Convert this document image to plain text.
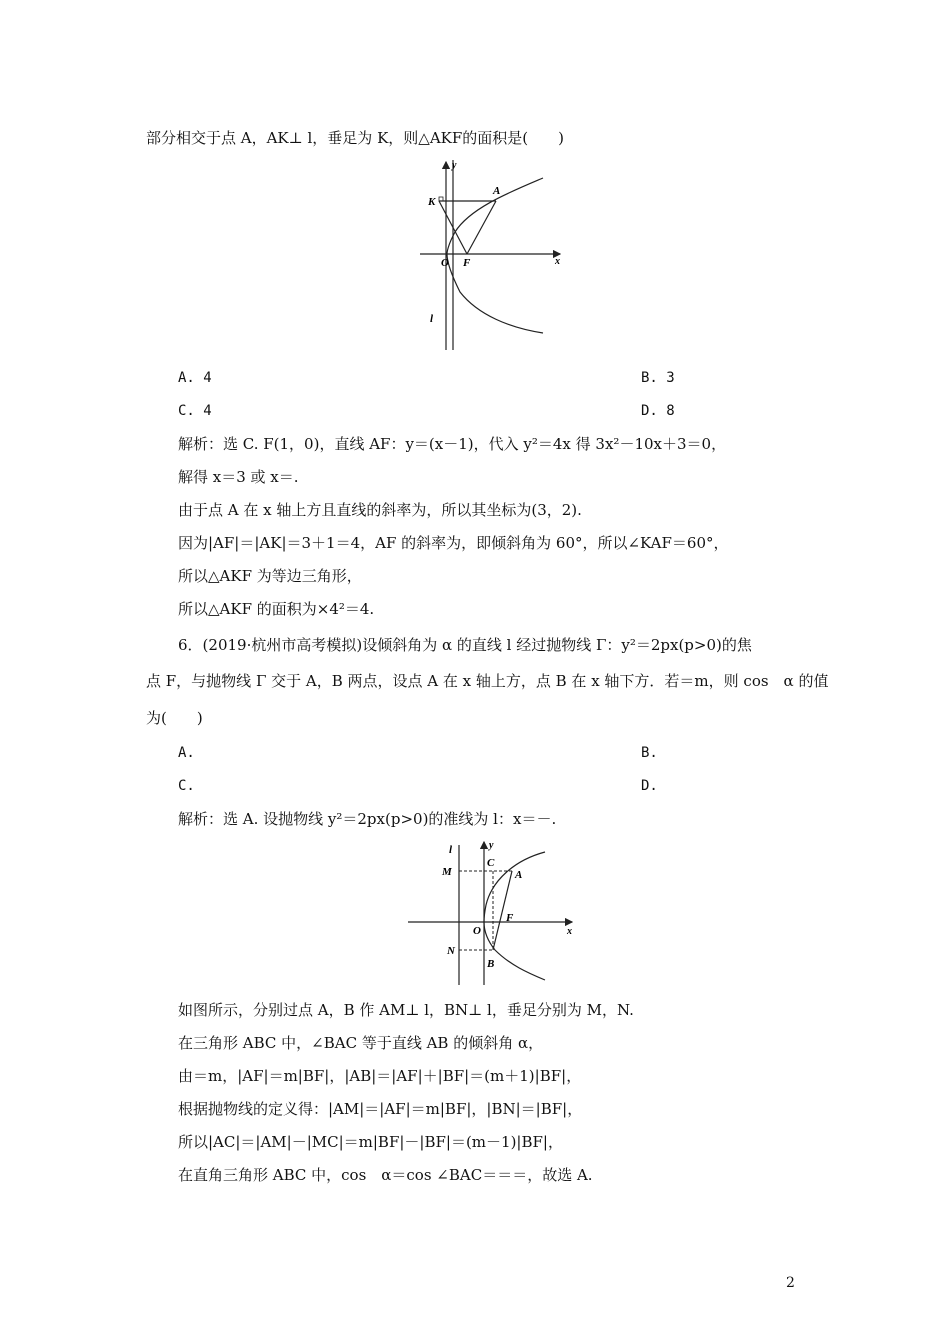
部分相交于点 A，AK⊥ l，垂足为 K，则△AKF的面积是(　　)
y
x
K
A
O F
l
A. 4	B. 3
C. 4	D. 8
解析：选 C. F(1，0)，直线 AF：y＝(x－1)，代入 y²＝4x 得 3x²－10x＋3＝0，
解得 x＝3 或 x＝.
由于点 A 在 x 轴上方且直线的斜率为，所以其坐标为(3，2).
因为|AF|＝|AK|＝3＋1＝4，AF 的斜率为，即倾斜角为 60°，所以∠KAF＝60°，
所以△AKF 为等边三角形，
所以△AKF 的面积为×4²＝4.
6．(2019·杭州市高考模拟)设倾斜角为 α 的直线 l 经过抛物线 Γ：y²＝2px(p>0)的焦
点 F，与抛物线 Γ 交于 A，B 两点，设点 A 在 x 轴上方，点 B 在 x 轴下方．若＝m，则 cos　α 的值
为(　　)
A.	B.
C.	D.
解析：选 A. 设抛物线 y²＝2px(p>0)的准线为 l：x＝－.
l	y
C
M	A
F
O	x
N
B
如图所示，分别过点 A，B 作 AM⊥ l，BN⊥ l，垂足分别为 M，N.
在三角形 ABC 中，∠BAC 等于直线 AB 的倾斜角 α，
由＝m，|AF|＝m|BF|，|AB|＝|AF|＋|BF|＝(m＋1)|BF|，
根据抛物线的定义得：|AM|＝|AF|＝m|BF|，|BN|＝|BF|，
所以|AC|＝|AM|－|MC|＝m|BF|－|BF|＝(m－1)|BF|，
在直角三角形 ABC 中，cos　α＝cos ∠BAC＝＝＝，故选 A.
2
